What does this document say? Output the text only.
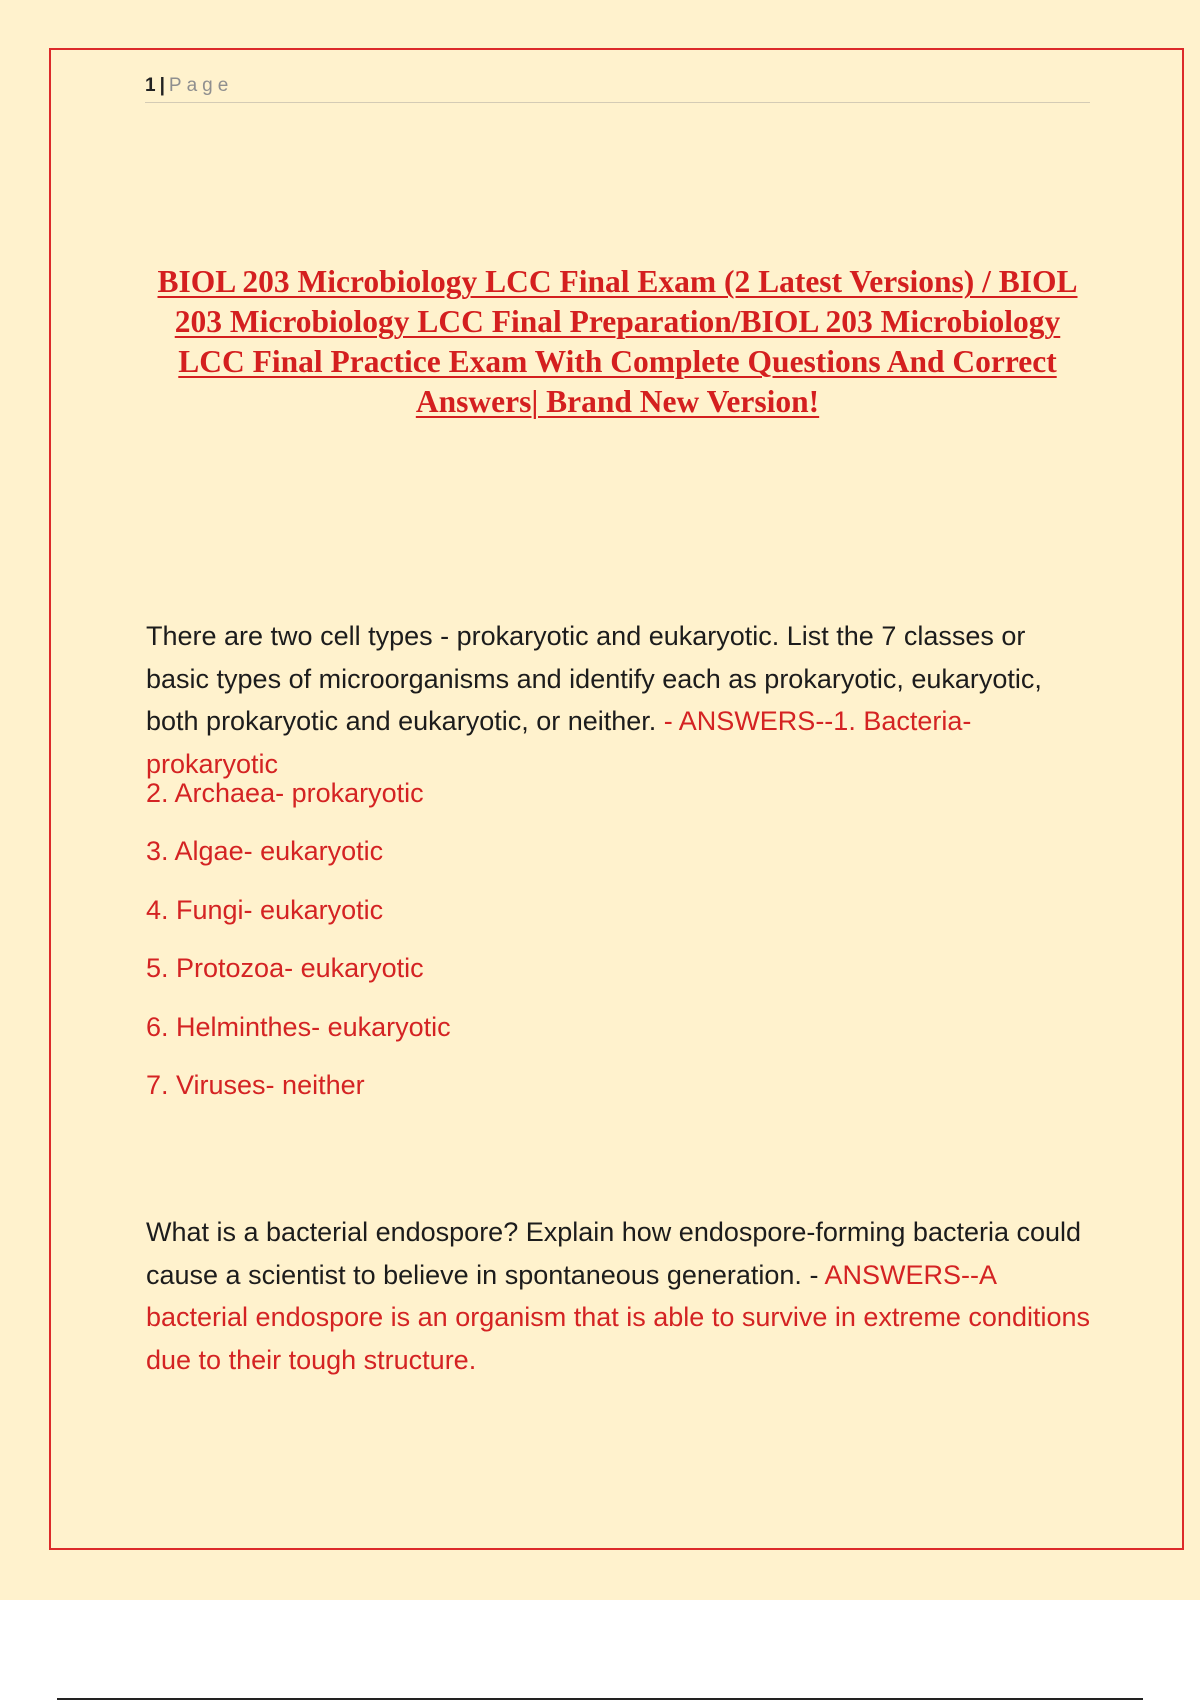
1 | Page
BIOL 203 Microbiology LCC Final Exam (2 Latest Versions) / BIOL 203 Microbiology LCC Final Preparation/BIOL 203 Microbiology LCC Final Practice Exam With Complete Questions And Correct Answers| Brand New Version!
There are two cell types - prokaryotic and eukaryotic. List the 7 classes or basic types of microorganisms and identify each as prokaryotic, eukaryotic, both prokaryotic and eukaryotic, or neither. - ANSWERS--1. Bacteria- prokaryotic
2. Archaea- prokaryotic
3. Algae- eukaryotic
4. Fungi- eukaryotic
5. Protozoa- eukaryotic
6. Helminthes- eukaryotic
7. Viruses- neither
What is a bacterial endospore? Explain how endospore-forming bacteria could cause a scientist to believe in spontaneous generation. - ANSWERS--A bacterial endospore is an organism that is able to survive in extreme conditions due to their tough structure.
